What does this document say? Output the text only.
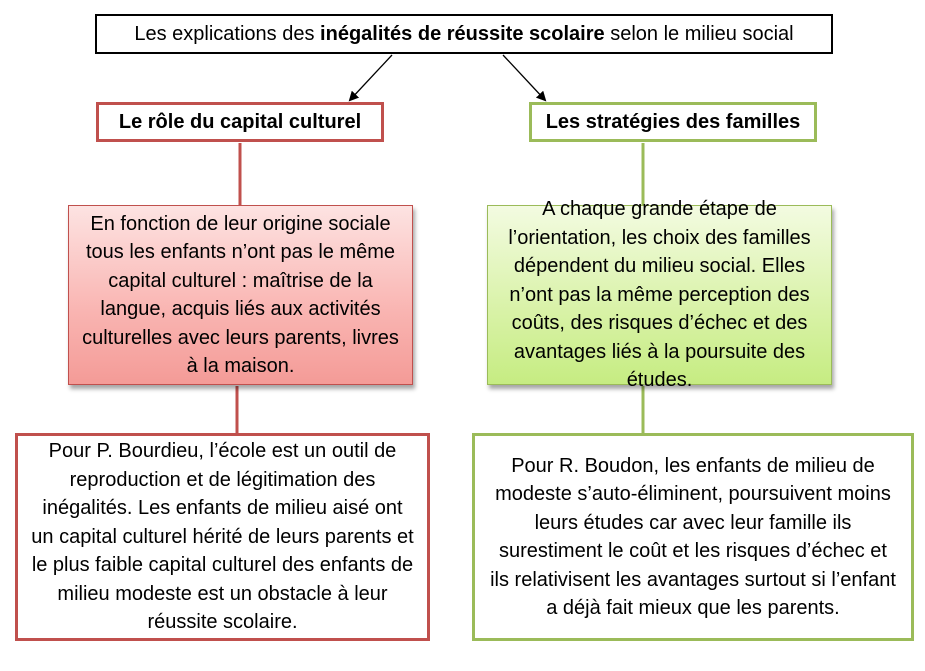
Les explications des inégalités de réussite scolaire selon le milieu social
Le rôle du capital culturel	Les stratégies des familles
En fonction de leur origine sociale tous les enfants n’ont pas le même capital culturel : maîtrise de la langue, acquis liés aux activités culturelles avec leurs parents, livres à la maison.
A chaque grande étape de l’orientation, les choix des familles dépendent du milieu social. Elles n’ont pas la même perception des coûts, des risques d’échec et des avantages liés à la poursuite des études.
Pour P. Bourdieu, l’école est un outil de reproduction et de légitimation des inégalités. Les enfants de milieu aisé ont un capital culturel hérité de leurs parents et le plus faible capital culturel des enfants de milieu modeste est un obstacle à leur réussite scolaire.
Pour R. Boudon, les enfants de milieu de modeste s’auto-éliminent, poursuivent moins leurs études car avec leur famille ils surestiment le coût et les risques d’échec et ils relativisent les avantages surtout si l’enfant a déjà fait mieux que les parents.
